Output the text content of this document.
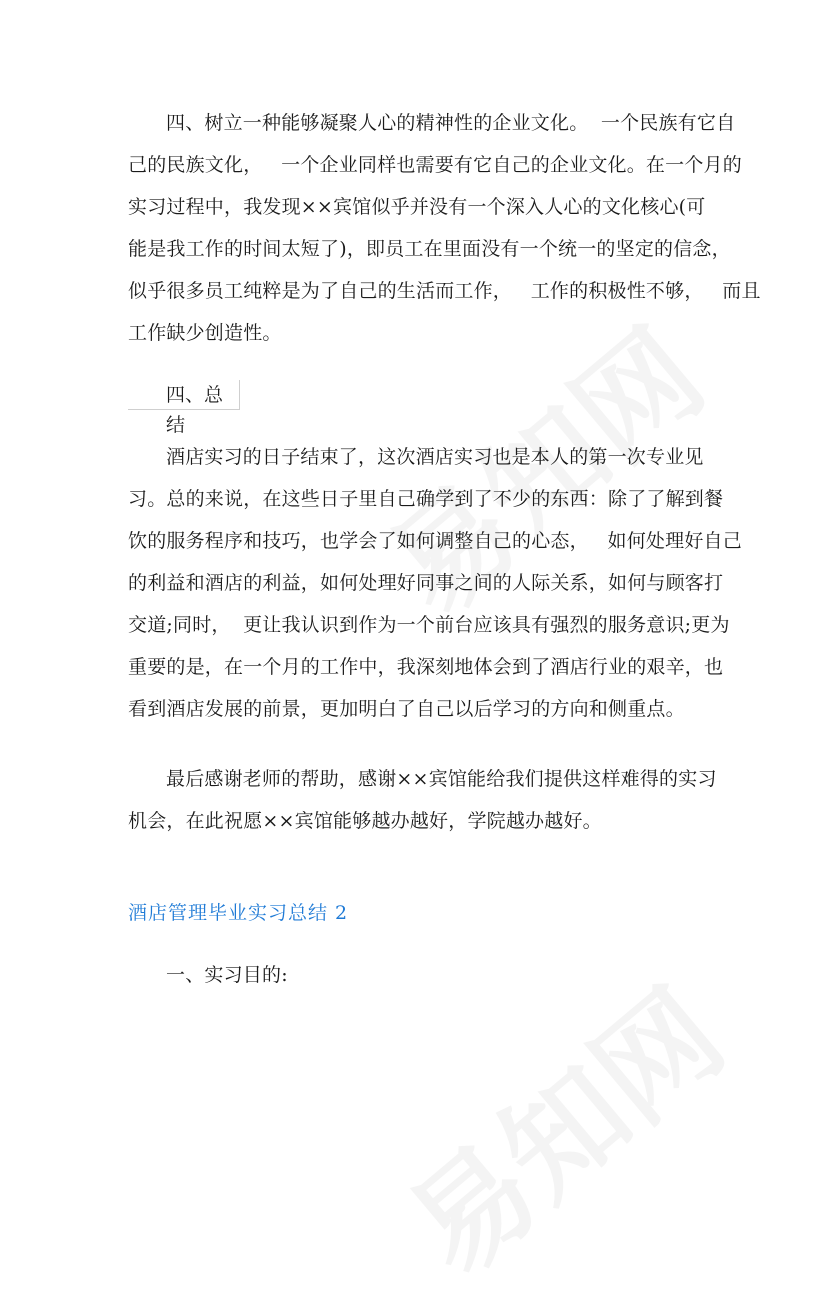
四、树立一种能够凝聚人心的精神性的企业文化。  一个民族有它自
己的民族文化，   一个企业同样也需要有它自己的企业文化。在一个月的
实习过程中，我发现××宾馆似乎并没有一个深入人心的文化核心(可
能是我工作的时间太短了)，即员工在里面没有一个统一的坚定的信念，
似乎很多员工纯粹是为了自己的生活而工作，   工作的积极性不够，   而且
工作缺少创造性。
四、总结
酒店实习的日子结束了，这次酒店实习也是本人的第一次专业见
习。总的来说，在这些日子里自己确学到了不少的东西：除了了解到餐
饮的服务程序和技巧，也学会了如何调整自己的心态，   如何处理好自己
的利益和酒店的利益，如何处理好同事之间的人际关系，如何与顾客打
交道;同时，  更让我认识到作为一个前台应该具有强烈的服务意识;更为
重要的是，在一个月的工作中，我深刻地体会到了酒店行业的艰辛，也
看到酒店发展的前景，更加明白了自己以后学习的方向和侧重点。
最后感谢老师的帮助，感谢××宾馆能给我们提供这样难得的实习
机会，在此祝愿××宾馆能够越办越好，学院越办越好。
酒店管理毕业实习总结 2
一、实习目的:
